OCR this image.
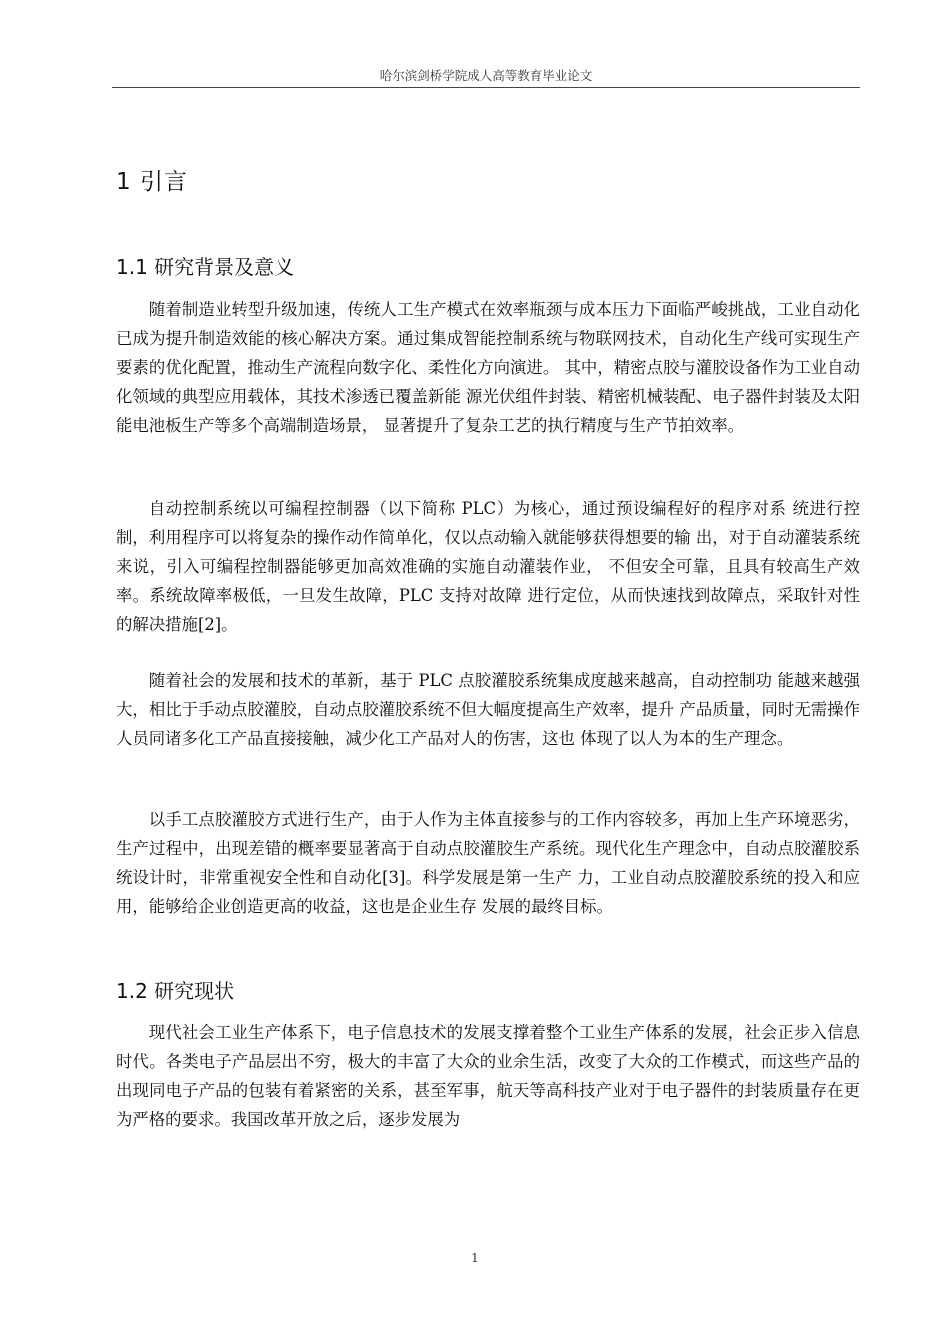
哈尔滨剑桥学院成人高等教育毕业论文
1 引言
1.1 研究背景及意义

随着制造业转型升级加速，传统人工生产模式在效率瓶颈与成本压力下面临严峻挑战，工业自动化已成为提升制造效能的核心解决方案。通过集成智能控制系统与物联网技术，自动化生产线可实现生产要素的优化配置，推动生产流程向数字化、柔性化方向演进。 其中，精密点胶与灌胶设备作为工业自动化领域的典型应用载体，其技术渗透已覆盖新能 源光伏组件封装、精密机械装配、电子器件封装及太阳能电池板生产等多个高端制造场景， 显著提升了复杂工艺的执行精度与生产节拍效率。

自动控制系统以可编程控制器（以下简称 PLC）为核心，通过预设编程好的程序对系 统进行控制，利用程序可以将复杂的操作动作简单化，仅以点动输入就能够获得想要的输 出，对于自动灌装系统来说，引入可编程控制器能够更加高效准确的实施自动灌装作业， 不但安全可靠，且具有较高生产效率。系统故障率极低，一旦发生故障，PLC 支持对故障 进行定位，从而快速找到故障点，采取针对性的解决措施[2]。

随着社会的发展和技术的革新，基于 PLC 点胶灌胶系统集成度越来越高，自动控制功 能越来越强大，相比于手动点胶灌胶，自动点胶灌胶系统不但大幅度提高生产效率，提升 产品质量，同时无需操作人员同诸多化工产品直接接触，减少化工产品对人的伤害，这也 体现了以人为本的生产理念。

以手工点胶灌胶方式进行生产，由于人作为主体直接参与的工作内容较多，再加上生产环境恶劣，生产过程中，出现差错的概率要显著高于自动点胶灌胶生产系统。现代化生产理念中，自动点胶灌胶系统设计时，非常重视安全性和自动化[3]。科学发展是第一生产 力，工业自动点胶灌胶系统的投入和应用，能够给企业创造更高的收益，这也是企业生存 发展的最终目标。

1.2 研究现状

现代社会工业生产体系下，电子信息技术的发展支撑着整个工业生产体系的发展，社会正步入信息时代。各类电子产品层出不穷，极大的丰富了大众的业余生活，改变了大众的工作模式，而这些产品的出现同电子产品的包装有着紧密的关系，甚至军事，航天等高科技产业对于电子器件的封装质量存在更为严格的要求。我国改革开放之后，逐步发展为

1
